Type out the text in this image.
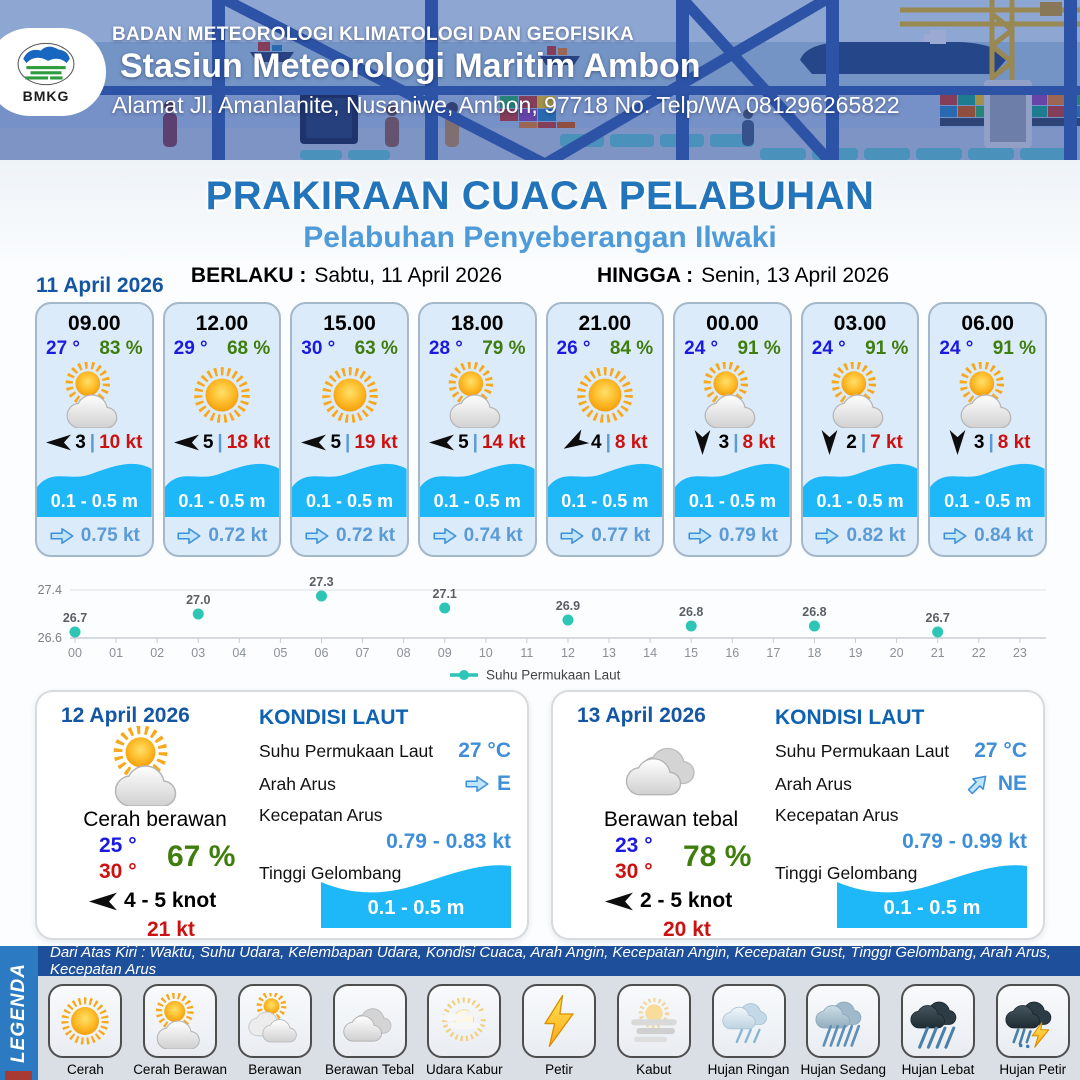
BMKG
BADAN METEOROLOGI KLIMATOLOGI DAN GEOFISIKA
Stasiun Meteorologi Maritim Ambon
Alamat Jl. Amanlanite, Nusaniwe, Ambon, 97718 No. Telp/WA 081296265822
PRAKIRAAN CUACA PELABUHAN
Pelabuhan Penyeberangan Ilwaki
BERLAKU : Sabtu, 11 April 2026	HINGGA : Senin, 13 April 2026
11 April 2026
09.00
27 ° 83 %
3 | 10 kt
0.1 - 0.5 m
0.75 kt
12.00
29 ° 68 %
5 | 18 kt
0.1 - 0.5 m
0.72 kt
15.00
30 ° 63 %
5 | 19 kt
0.1 - 0.5 m
0.72 kt
18.00
28 ° 79 %
5 | 14 kt
0.1 - 0.5 m
0.74 kt
21.00
26 ° 84 %
4 | 8 kt
0.1 - 0.5 m
0.77 kt
00.00
24 ° 91 %
3 | 8 kt
0.1 - 0.5 m
0.79 kt
03.00
24 ° 91 %
2 | 7 kt
0.1 - 0.5 m
0.82 kt
06.00
24 ° 91 %
3 | 8 kt
0.1 - 0.5 m
0.84 kt
27.4
26.6
00 01 02 03 04 05 06 07 08 09 10 11 12 13 14 15 16 17 18 19 20 21 22 23
26.7
27.0
27.3
27.1
26.9	26.8	26.8	26.7
Suhu Permukaan Laut
12 April 2026
Cerah berawan
25 °
30 ° 67 %
4 - 5 knot
21 kt
KONDISI LAUT
Suhu Permukaan Laut 27 °C
Arah Arus	E
Kecepatan Arus
0.79 - 0.83 kt
Tinggi Gelombang
0.1 - 0.5 m
13 April 2026
Berawan tebal
23 °
30 ° 78 %
2 - 5 knot
20 kt
KONDISI LAUT
Suhu Permukaan Laut 27 °C
Arah Arus	NE
Kecepatan Arus
0.79 - 0.99 kt
Tinggi Gelombang
0.1 - 0.5 m
LEGENDA
Dari Atas Kiri : Waktu, Suhu Udara, Kelembapan Udara, Kondisi Cuaca, Arah Angin, Kecepatan Angin, Kecepatan Gust, Tinggi Gelombang, Arah Arus, Kecepatan Arus
Cerah Cerah Berawan Berawan Berawan Tebal Udara Kabur	Petir	Kabut	Hujan Ringan Hujan Sedang Hujan Lebat Hujan Petir
